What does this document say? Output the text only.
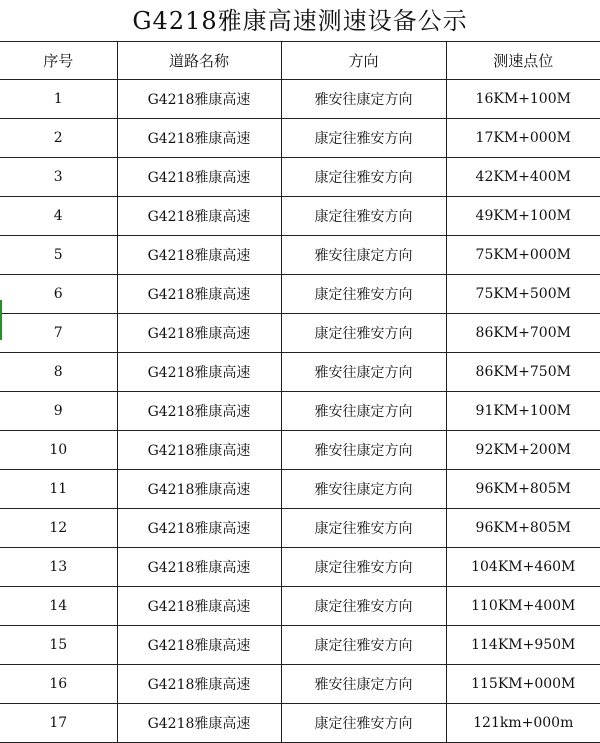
G4218雅康高速测速设备公示
序号	道路名称	方向	测速点位
1	G4218雅康高速	雅安往康定方向	16KM+100M
2	G4218雅康高速	康定往雅安方向	17KM+000M
3	G4218雅康高速	康定往雅安方向	42KM+400M
4	G4218雅康高速	康定往雅安方向	49KM+100M
5	G4218雅康高速	雅安往康定方向	75KM+000M
6	G4218雅康高速	康定往雅安方向	75KM+500M
7	G4218雅康高速	康定往雅安方向	86KM+700M
8	G4218雅康高速	雅安往康定方向	86KM+750M
9	G4218雅康高速	雅安往康定方向	91KM+100M
10	G4218雅康高速	雅安往康定方向	92KM+200M
11	G4218雅康高速	雅安往康定方向	96KM+805M
12	G4218雅康高速	康定往雅安方向	96KM+805M
13	G4218雅康高速	康定往雅安方向	104KM+460M
14	G4218雅康高速	康定往雅安方向	110KM+400M
15	G4218雅康高速	康定往雅安方向	114KM+950M
16	G4218雅康高速	雅安往康定方向	115KM+000M
17	G4218雅康高速	康定往雅安方向	121km+000m
